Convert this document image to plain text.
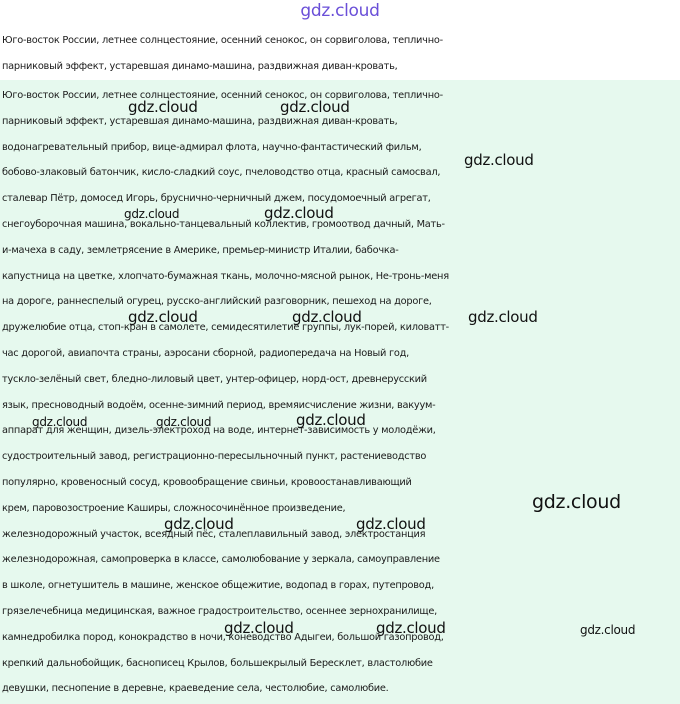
gdz.cloud
Юго-восток России, летнее солнцестояние, осенний сенокос, он сорвиголова, теплично-
парниковый эффект, устаревшая динамо-машина, раздвижная диван-кровать,
Юго-восток России, летнее солнцестояние, осенний сенокос, он сорвиголова, теплично-
парниковый эффект, устаревшая динамо-машина, раздвижная диван-кровать,
водонагревательный прибор, вице-адмирал флота, научно-фантастический фильм,
бобово-злаковый батончик, кисло-сладкий соус, пчеловодство отца, красный самосвал,
сталевар Пётр, домосед Игорь, бруснично-черничный джем, посудомоечный агрегат,
снегоуборочная машина, вокально-танцевальный коллектив, громоотвод дачный, Мать-
и-мачеха в саду, землетрясение в Америке, премьер-министр Италии, бабочка-
капустница на цветке, хлопчато-бумажная ткань, молочно-мясной рынок, Не-тронь-меня
на дороге, раннеспелый огурец, русско-английский разговорник, пешеход на дороге,
дружелюбие отца, стоп-кран в самолете, семидесятилетие группы, лук-порей, киловатт-
час дорогой, авиапочта страны, аэросани сборной, радиопередача на Новый год,
тускло-зелёный свет, бледно-лиловый цвет, унтер-офицер, норд-ост, древнерусский
язык, пресноводный водоём, осенне-зимний период, времяисчисление жизни, вакуум-
аппарат для женщин, дизель-электроход на воде, интернет-зависимость у молодёжи,
судостроительный завод, регистрационно-пересыльночный пункт, растениеводство
популярно, кровеносный сосуд, кровообращение свиньи, кровоостанавливающий
крем, паровозостроение Каширы, сложносочинённое произведение,
железнодорожный участок, всеядный пёс, сталеплавильный завод, электростанция
железнодорожная, самопроверка в классе, самолюбование у зеркала, самоуправление
в школе, огнетушитель в машине, женское общежитие, водопад в горах, путепровод,
грязелечебница медицинская, важное градостроительство, осеннее зернохранилище,
камнедробилка пород, конокрадство в ночи, коневодство Адыгеи, большой газопровод,
крепкий дальнобойщик, баснописец Крылов, большекрылый Бересклет, властолюбие
девушки, песнопение в деревне, краеведение села, честолюбие, самолюбие.
gdz.cloud	gdz.cloud
gdz.cloud
gdz.cloud	gdz.cloud
gdz.cloud	gdz.cloud	gdz.cloud
gdz.cloud	gdz.cloud	gdz.cloud
gdz.cloud
gdz.cloud	gdz.cloud
gdz.cloud	gdz.cloud	gdz.cloud
